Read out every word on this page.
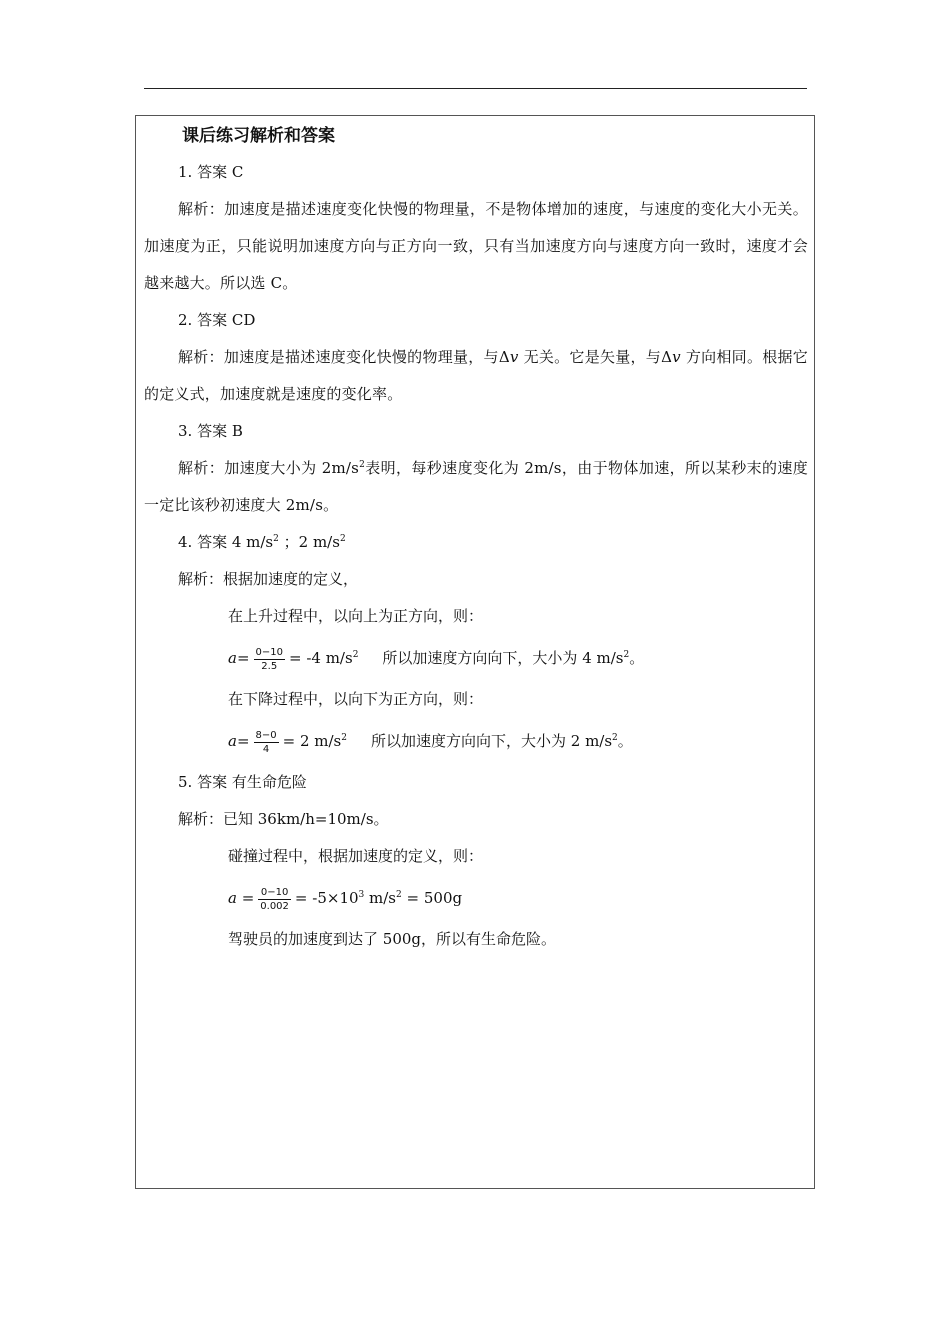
课后练习解析和答案
1. 答案 C
解析：加速度是描述速度变化快慢的物理量，不是物体增加的速度，与速度的变化大小无关。加速度为正，只能说明加速度方向与正方向一致，只有当加速度方向与速度方向一致时，速度才会越来越大。所以选 C。
2. 答案 CD
解析：加速度是描述速度变化快慢的物理量，与Δ𝑣 无关。它是矢量，与Δ𝑣 方向相同。根据它的定义式，加速度就是速度的变化率。
3. 答案 B
解析：加速度大小为 $2m/s^2$表明，每秒速度变化为 2m/s，由于物体加速，所以某秒末的速度一定比该秒初速度大 2m/s。
4. 答案 4 $m/s^2$ ；2 $m/s^2$
解析：根据加速度的定义，
在上升过程中，以向上为正方向，则：
$a= \frac{0-10}{2.5} = -4$ $m/s^2$ 所以加速度方向向下，大小为 4 $m/s^2$。
在下降过程中，以向下为正方向，则：
$a= \frac{8-0}{4} = 2$ $m/s^2$ 所以加速度方向向下，大小为 2 $m/s^2$。
5. 答案 有生命危险
解析：已知 36km/h=10m/s。
碰撞过程中，根据加速度的定义，则：
$a = \frac{0-10}{0.002} = -5\times 10^3$ $m/s^2 = 500g$
驾驶员的加速度到达了 500g，所以有生命危险。
